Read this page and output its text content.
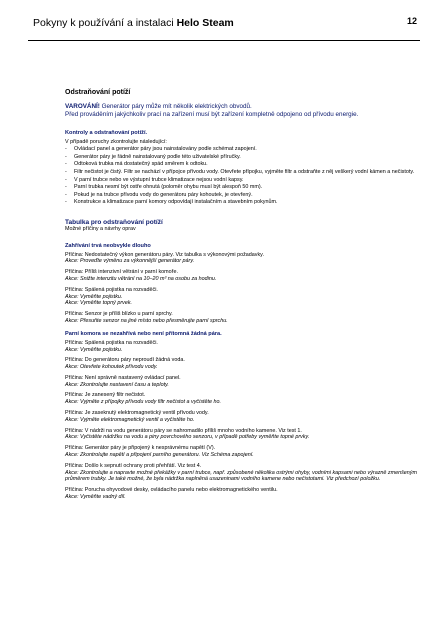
Pokyny k používání a instalaci Helo Steam	12
Odstraňování potíží
VAROVÁNÍ! Generátor páry může mít několik elektrických obvodů.
Před prováděním jakýchkoliv prací na zařízení musí být zařízení kompletně odpojeno od přívodu energie.
Kontroly a odstraňování potíží.
V případě poruchy zkontrolujte následující:
- Ovládací panel a generátor páry jsou nainstalovány podle schémat zapojení.
- Generátor páry je řádně nainstalovaný podle této uživatelské příručky.
- Odtoková trubka má dostatečný spád směrem k odtoku.
- Filtr nečistot je čistý. Filtr se nachází v přípojce přívodu vody. Otevřete přípojku, vyjměte filtr a odstraňte z něj veškerý vodní kámen a nečistoty.
- V parní trubce nebo ve výstupní trubce klimatizace nejsou vodní kapsy.
- Parní trubka nesmí být ostře ohnutá (poloměr ohybu musí být alespoň 50 mm).
- Pokud je na trubce přívodu vody do generátoru páry kohoutek, je otevřený.
- Konstrukce a klimatizace parní komory odpovídají instalačním a stavebním pokynům.
Tabulka pro odstraňování potíží
Možné příčiny a návrhy oprav
Zahřívání trvá neobvykle dlouho
Příčina: Nedostatečný výkon generátoru páry. Viz tabulka s výkonovými požadavky.
Akce: Proveďte výměnu za výkonnější generátor páry.
Příčina: Příliš intenzivní větrání v parní komoře.
Akce: Snižte intenzitu větrání na 10–20 m³ na osobu za hodinu.
Příčina: Spálená pojistka na rozvaděči.
Akce: Vyměňte pojistku.
Akce: Vyměňte topný prvek.
Příčina: Senzor je příliš blízko u parní sprchy.
Akce: Přesuňte senzor na jiné místo nebo přesměrujte parní sprchu.
Parní komora se nezahřívá nebo není přítomná žádná pára.
Příčina: Spálená pojistka na rozvaděči.
Akce: Vyměňte pojistku.
Příčina: Do generátoru páry neproudí žádná voda.
Akce: Otevřete kohoutek přívodu vody.
Příčina: Není správně nastavený ovládací panel.
Akce: Zkontrolujte nastavení času a teploty.
Příčina: Je zanesený filtr nečistot.
Akce: Vyjměte z přípojky přívodu vody filtr nečistot a vyčistěte ho.
Příčina: Je zaseknutý elektromagnetický ventil přívodu vody.
Akce: Vyjměte elektromagnetický ventil a vyčistěte ho.
Příčina: V nádrži na vodu generátoru páry se nahromadilo příliš mnoho vodního kamene. Viz test 1.
Akce: Vyčistěte nádržku na vodu a piny povrchového senzoru, v případě potřeby vyměňte topné prvky.
Příčina: Generátor páry je připojený k nesprávnému napětí (V).
Akce: Zkontrolujte napětí a připojení parního generátoru. Viz Schéma zapojení.
Příčina: Došlo k sepnutí ochrany proti přehřátí. Viz test 4.
Akce: Zkontrolujte a napravte možné překážky v parní trubce, např. způsobené několika ostrými ohyby, vodními kapsami nebo výrazně zmenšeným průměrem trubky. Je také možné, že byla nádržka naplněná usazeninami vodního kamene nebo nečistotami. Viz předchozí položku.
Příčina: Porucha ohyvodové desky, ovládacího panelu nebo elektromagnetického ventilu.
Akce: Vyměňte vadný díl.
